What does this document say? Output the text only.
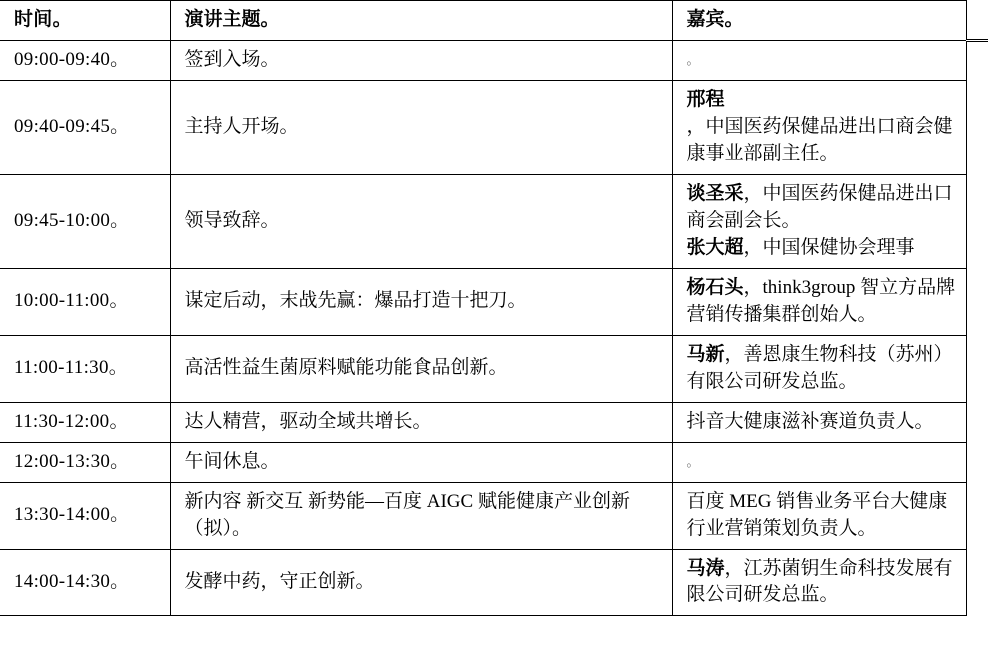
时间。	演讲主题。	嘉宾。	
09:00-09:40。	签到入场。	。	

09:40-09:45。	主持人开场。	邢程
，中国医药保健品进出口商会健康事业部副主任。	

09:45-10:00。	领导致辞。	谈圣采，中国医药保健品进出口商会副会长。
张大超，中国保健协会理事	

10:00-11:00。	谋定后动，末战先赢：爆品打造十把刀。	杨石头，think3group 智立方品牌营销传播集群创始人。	

11:00-11:30。	高活性益生菌原料赋能功能食品创新。	马新，善恩康生物科技（苏州）有限公司研发总监。	

11:30-12:00。	达人精营，驱动全域共增长。	抖音大健康滋补赛道负责人。	

12:00-13:30。	午间休息。	。	

13:30-14:00。	新内容 新交互 新势能—百度 AIGC 赋能健康产业创新（拟）。	百度 MEG 销售业务平台大健康行业营销策划负责人。	

14:00-14:30。	发酵中药，守正创新。	马涛，江苏菌钥生命科技发展有限公司研发总监。	
